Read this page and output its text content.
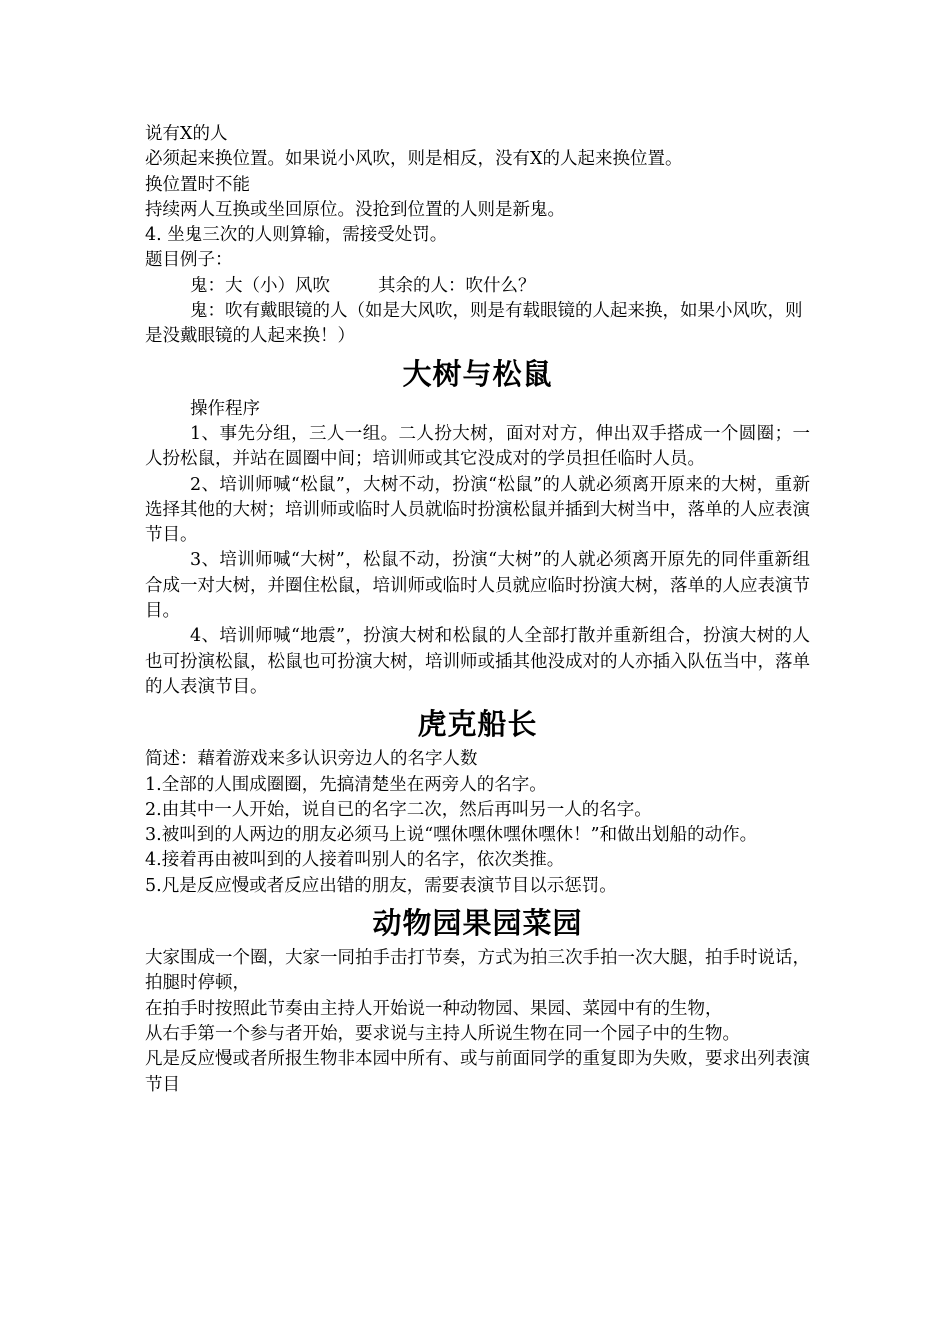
说有X的人
必须起来换位置。如果说小风吹，则是相反，没有X的人起来换位置。
换位置时不能
持续两人互换或坐回原位。没抢到位置的人则是新鬼。
4. 坐鬼三次的人则算输，需接受处罚。
题目例子：
鬼：大（小）风吹	其余的人：吹什么？
鬼：吹有戴眼镜的人（如是大风吹，则是有载眼镜的人起来换，如果小风吹，则
是没戴眼镜的人起来换！）
大树与松鼠
操作程序
1、事先分组，三人一组。二人扮大树，面对对方，伸出双手搭成一个圆圈；一人扮松鼠，并站在圆圈中间；培训师或其它没成对的学员担任临时人员。
2、培训师喊“松鼠”，大树不动，扮演“松鼠”的人就必须离开原来的大树，重新选择其他的大树；培训师或临时人员就临时扮演松鼠并插到大树当中，落单的人应表演节目。
3、培训师喊“大树”，松鼠不动，扮演“大树”的人就必须离开原先的同伴重新组合成一对大树，并圈住松鼠，培训师或临时人员就应临时扮演大树，落单的人应表演节目。
4、培训师喊“地震”，扮演大树和松鼠的人全部打散并重新组合，扮演大树的人也可扮演松鼠，松鼠也可扮演大树，培训师或插其他没成对的人亦插入队伍当中，落单的人表演节目。
虎克船长
简述：藉着游戏来多认识旁边人的名字人数
1.全部的人围成圈圈，先搞清楚坐在两旁人的名字。
2.由其中一人开始，说自已的名字二次，然后再叫另一人的名字。
3.被叫到的人两边的朋友必须马上说“嘿休嘿休嘿休嘿休！”和做出划船的动作。
4.接着再由被叫到的人接着叫别人的名字，依次类推。
5.凡是反应慢或者反应出错的朋友，需要表演节目以示惩罚。
动物园果园菜园
大家围成一个圈，大家一同拍手击打节奏，方式为拍三次手拍一次大腿，拍手时说话，拍腿时停顿，
在拍手时按照此节奏由主持人开始说一种动物园、果园、菜园中有的生物，
从右手第一个参与者开始，要求说与主持人所说生物在同一个园子中的生物。
凡是反应慢或者所报生物非本园中所有、或与前面同学的重复即为失败，要求出列表演节目
